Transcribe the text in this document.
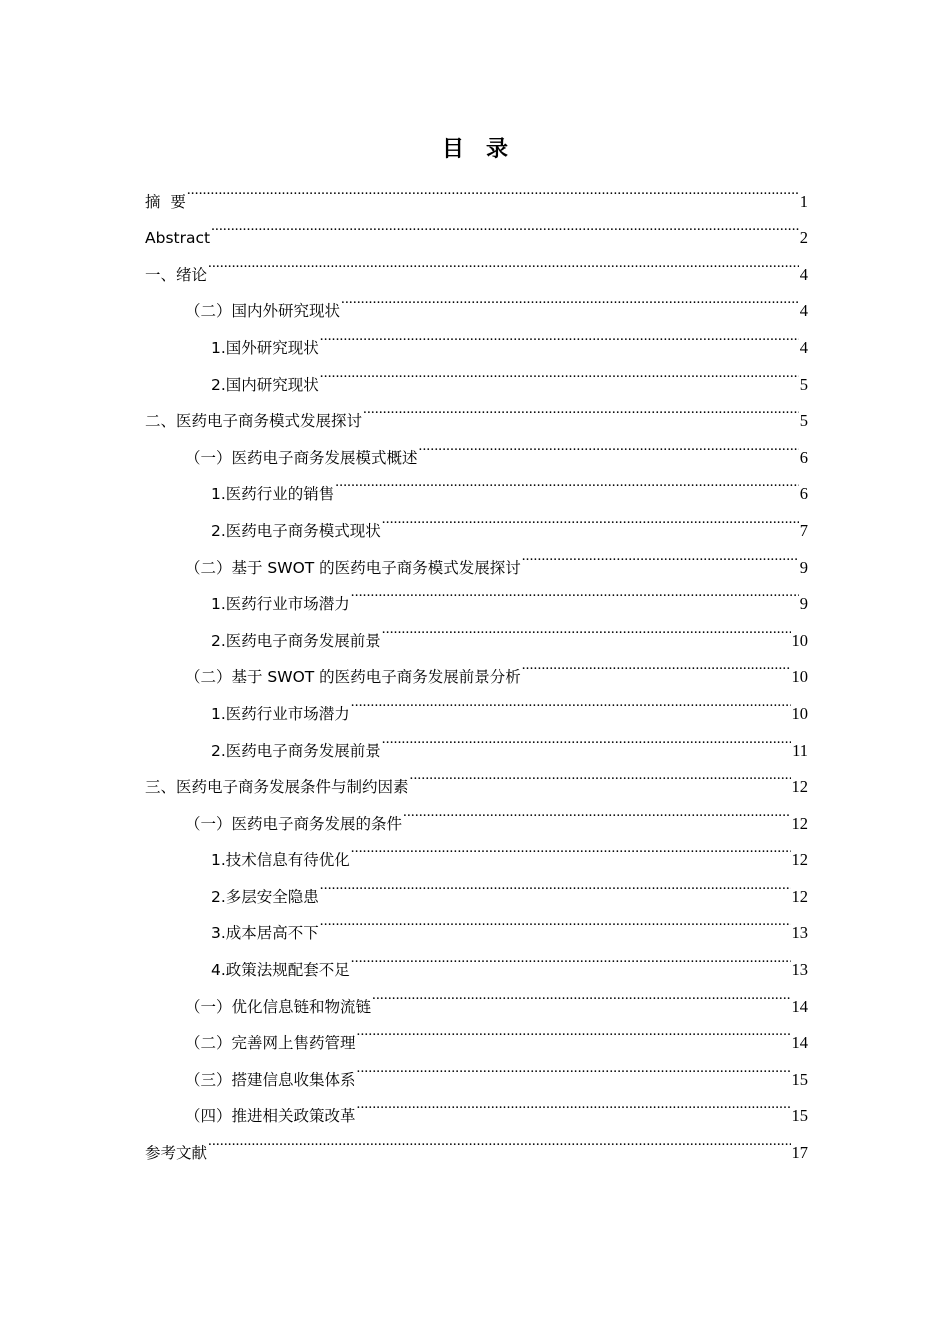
目 录
摘  要 .....	1
Abstract .....	2
一、绪论 .....	4
（二）国内外研究现状 .....	4
1.国外研究现状 .....	4
2.国内研究现状 .....	5
二、医药电子商务模式发展探讨 .....	5
（一）医药电子商务发展模式概述 .....	6
1.医药行业的销售 .....	6
2.医药电子商务模式现状 .....	7
（二）基于 SWOT 的医药电子商务模式发展探讨 .....	9
1.医药行业市场潜力 .....	9
2.医药电子商务发展前景 .....	10
（二）基于 SWOT 的医药电子商务发展前景分析 .....	10
1.医药行业市场潜力 .....	10
2.医药电子商务发展前景 .....	11
三、医药电子商务发展条件与制约因素 .....	12
（一）医药电子商务发展的条件 .....	12
1.技术信息有待优化 .....	12
2.多层安全隐患 .....	12
3.成本居高不下 .....	13
4.政策法规配套不足 .....	13
（一）优化信息链和物流链 .....	14
（二）完善网上售药管理 .....	14
（三）搭建信息收集体系 .....	15
（四）推进相关政策改革 .....	15
参考文献 .....	17
